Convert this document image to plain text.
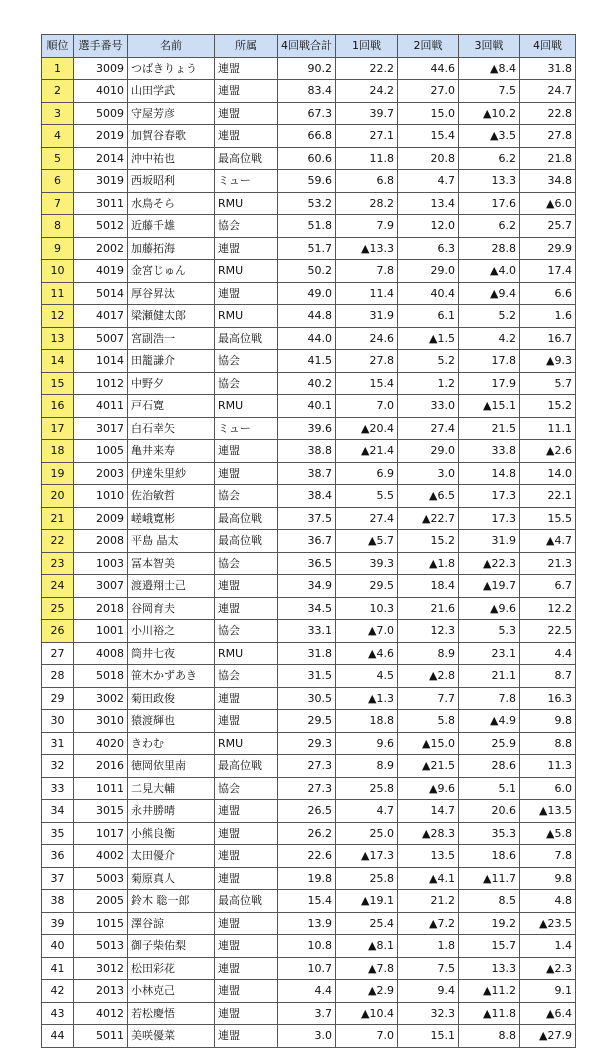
順位	選手番号	名前	所属	4回戦合計	1回戦	2回戦	3回戦	4回戦
1	3009	つばきりょう	連盟	90.2	22.2	44.6	▲8.4	31.8
2	4010	山田学武	連盟	83.4	24.2	27.0	7.5	24.7
3	5009	守屋芳彦	連盟	67.3	39.7	15.0	▲10.2	22.8
4	2019	加賀谷春歌	連盟	66.8	27.1	15.4	▲3.5	27.8
5	2014	沖中祐也	最高位戦	60.6	11.8	20.8	6.2	21.8
6	3019	西坂昭利	ミュー	59.6	6.8	4.7	13.3	34.8
7	3011	水鳥そら	RMU	53.2	28.2	13.4	17.6	▲6.0
8	5012	近藤千雄	協会	51.8	7.9	12.0	6.2	25.7
9	2002	加藤拓海	連盟	51.7	▲13.3	6.3	28.8	29.9
10	4019	金宮じゅん	RMU	50.2	7.8	29.0	▲4.0	17.4
11	5014	厚谷昇汰	連盟	49.0	11.4	40.4	▲9.4	6.6
12	4017	梁瀬健太郎	RMU	44.8	31.9	6.1	5.2	1.6
13	5007	宮副浩一	最高位戦	44.0	24.6	▲1.5	4.2	16.7
14	1014	田籠謙介	協会	41.5	27.8	5.2	17.8	▲9.3
15	1012	中野夕	協会	40.2	15.4	1.2	17.9	5.7
16	4011	戸石寛	RMU	40.1	7.0	33.0	▲15.1	15.2
17	3017	白石幸矢	ミュー	39.6	▲20.4	27.4	21.5	11.1
18	1005	亀井来寿	連盟	38.8	▲21.4	29.0	33.8	▲2.6
19	2003	伊達朱里紗	連盟	38.7	6.9	3.0	14.8	14.0
20	1010	佐治敏哲	協会	38.4	5.5	▲6.5	17.3	22.1
21	2009	嵯峨寛彬	最高位戦	37.5	27.4	▲22.7	17.3	15.5
22	2008	平島 晶太	最高位戦	36.7	▲5.7	15.2	31.9	▲4.7
23	1003	冨本智美	協会	36.5	39.3	▲1.8	▲22.3	21.3
24	3007	渡邉翔士己	連盟	34.9	29.5	18.4	▲19.7	6.7
25	2018	谷岡育夫	連盟	34.5	10.3	21.6	▲9.6	12.2
26	1001	小川裕之	協会	33.1	▲7.0	12.3	5.3	22.5
27	4008	筒井七夜	RMU	31.8	▲4.6	8.9	23.1	4.4
28	5018	笹木かずあき	協会	31.5	4.5	▲2.8	21.1	8.7
29	3002	菊田政俊	連盟	30.5	▲1.3	7.7	7.8	16.3
30	3010	猿渡輝也	連盟	29.5	18.8	5.8	▲4.9	9.8
31	4020	きわむ	RMU	29.3	9.6	▲15.0	25.9	8.8
32	2016	徳岡依里南	最高位戦	27.3	8.9	▲21.5	28.6	11.3
33	1011	二見大輔	協会	27.3	25.8	▲9.6	5.1	6.0
34	3015	永井勝晴	連盟	26.5	4.7	14.7	20.6	▲13.5
35	1017	小熊良衡	連盟	26.2	25.0	▲28.3	35.3	▲5.8
36	4002	太田優介	連盟	22.6	▲17.3	13.5	18.6	7.8
37	5003	菊原真人	連盟	19.8	25.8	▲4.1	▲11.7	9.8
38	2005	鈴木 聡一郎	最高位戦	15.4	▲19.1	21.2	8.5	4.8
39	1015	澤谷諒	連盟	13.9	25.4	▲7.2	19.2	▲23.5
40	5013	御子柴佑梨	連盟	10.8	▲8.1	1.8	15.7	1.4
41	3012	松田彩花	連盟	10.7	▲7.8	7.5	13.3	▲2.3
42	2013	小林克己	連盟	4.4	▲2.9	9.4	▲11.2	9.1
43	4012	若松慶悟	連盟	3.7	▲10.4	32.3	▲11.8	▲6.4
44	5011	美咲優菜	連盟	3.0	7.0	15.1	8.8	▲27.9
